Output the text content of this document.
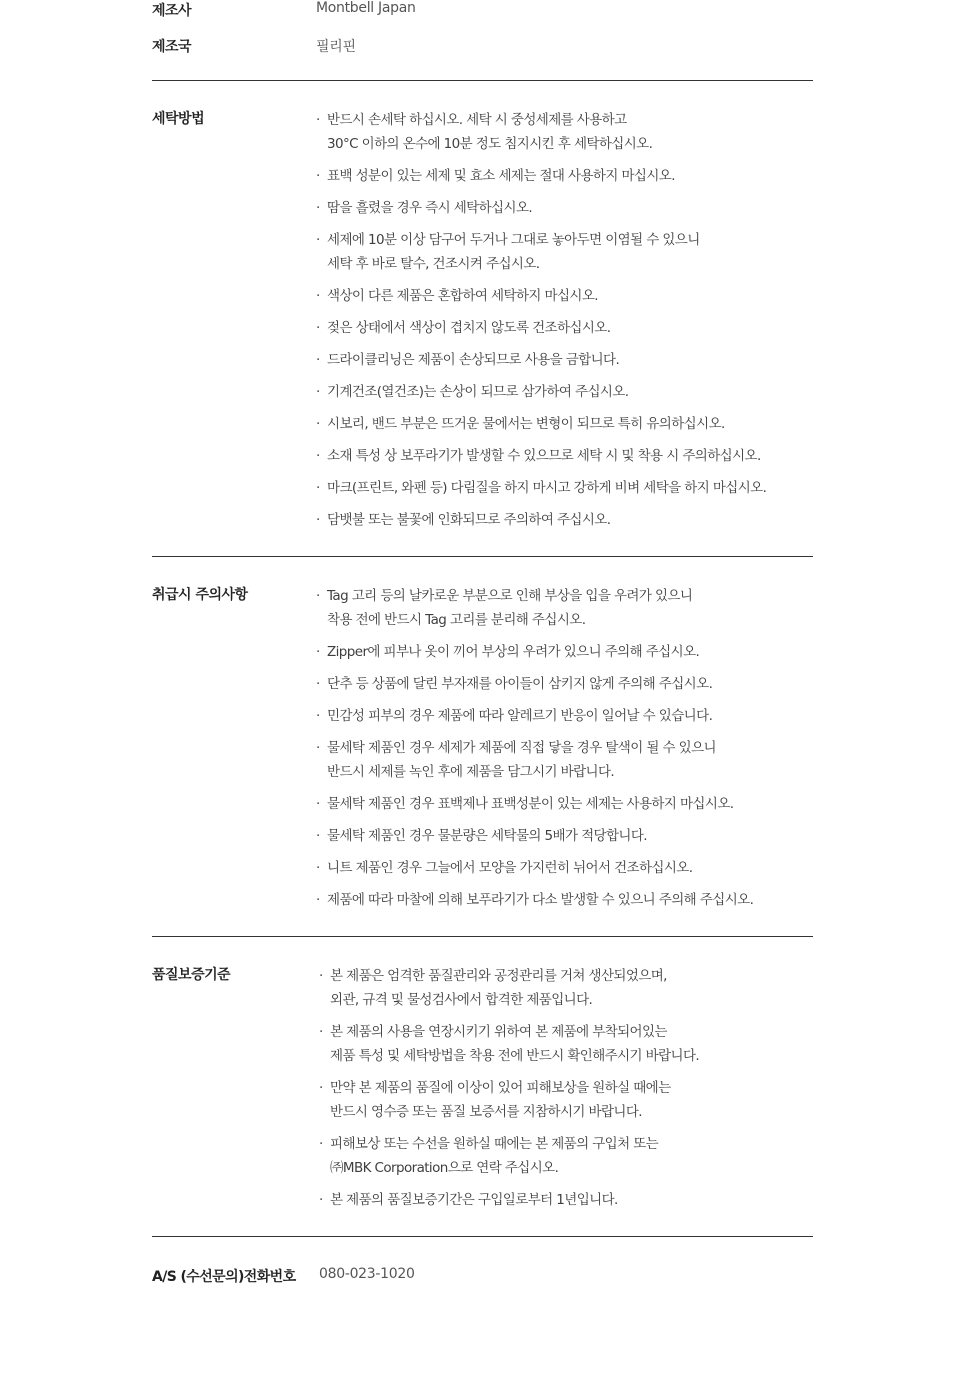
제조사	Montbell Japan
제조국	필리핀
세탁방법	· 반드시 손세탁 하십시오. 세탁 시 중성세제를 사용하고
30°C 이하의 온수에 10분 정도 침지시킨 후 세탁하십시오.
· 표백 성분이 있는 세제 및 효소 세제는 절대 사용하지 마십시오.
· 땀을 흘렸을 경우 즉시 세탁하십시오.
· 세제에 10분 이상 담구어 두거나 그대로 놓아두면 이염될 수 있으니
세탁 후 바로 탈수, 건조시켜 주십시오.
· 색상이 다른 제품은 혼합하여 세탁하지 마십시오.
· 젖은 상태에서 색상이 겹치지 않도록 건조하십시오.
· 드라이클리닝은 제품이 손상되므로 사용을 금합니다.
· 기계건조(열건조)는 손상이 되므로 삼가하여 주십시오.
· 시보리, 밴드 부분은 뜨거운 물에서는 변형이 되므로 특히 유의하십시오.
· 소재 특성 상 보푸라기가 발생할 수 있으므로 세탁 시 및 착용 시 주의하십시오.
· 마크(프린트, 와펜 등) 다림질을 하지 마시고 강하게 비벼 세탁을 하지 마십시오.
· 담뱃불 또는 불꽃에 인화되므로 주의하여 주십시오.
취급시 주의사항	· Tag 고리 등의 날카로운 부분으로 인해 부상을 입을 우려가 있으니
착용 전에 반드시 Tag 고리를 분리해 주십시오.
· Zipper에 피부나 옷이 끼어 부상의 우려가 있으니 주의해 주십시오.
· 단추 등 상품에 달린 부자재를 아이들이 삼키지 않게 주의해 주십시오.
· 민감성 피부의 경우 제품에 따라 알레르기 반응이 일어날 수 있습니다.
· 물세탁 제품인 경우 세제가 제품에 직접 닿을 경우 탈색이 될 수 있으니
반드시 세제를 녹인 후에 제품을 담그시기 바랍니다.
· 물세탁 제품인 경우 표백제나 표백성분이 있는 세제는 사용하지 마십시오.
· 물세탁 제품인 경우 물분량은 세탁물의 5배가 적당합니다.
· 니트 제품인 경우 그늘에서 모양을 가지런히 뉘어서 건조하십시오.
· 제품에 따라 마찰에 의해 보푸라기가 다소 발생할 수 있으니 주의해 주십시오.
품질보증기준	· 본 제품은 엄격한 품질관리와 공정관리를 거쳐 생산되었으며,
외관, 규격 및 물성검사에서 합격한 제품입니다.
· 본 제품의 사용을 연장시키기 위하여 본 제품에 부착되어있는
제품 특성 및 세탁방법을 착용 전에 반드시 확인해주시기 바랍니다.
· 만약 본 제품의 품질에 이상이 있어 피해보상을 원하실 때에는
반드시 영수증 또는 품질 보증서를 지참하시기 바랍니다.
· 피해보상 또는 수선을 원하실 때에는 본 제품의 구입처 또는
㈜MBK Corporation으로 연락 주십시오.
· 본 제품의 품질보증기간은 구입일로부터 1년입니다.
A/S (수선문의)전화번호 080-023-1020
